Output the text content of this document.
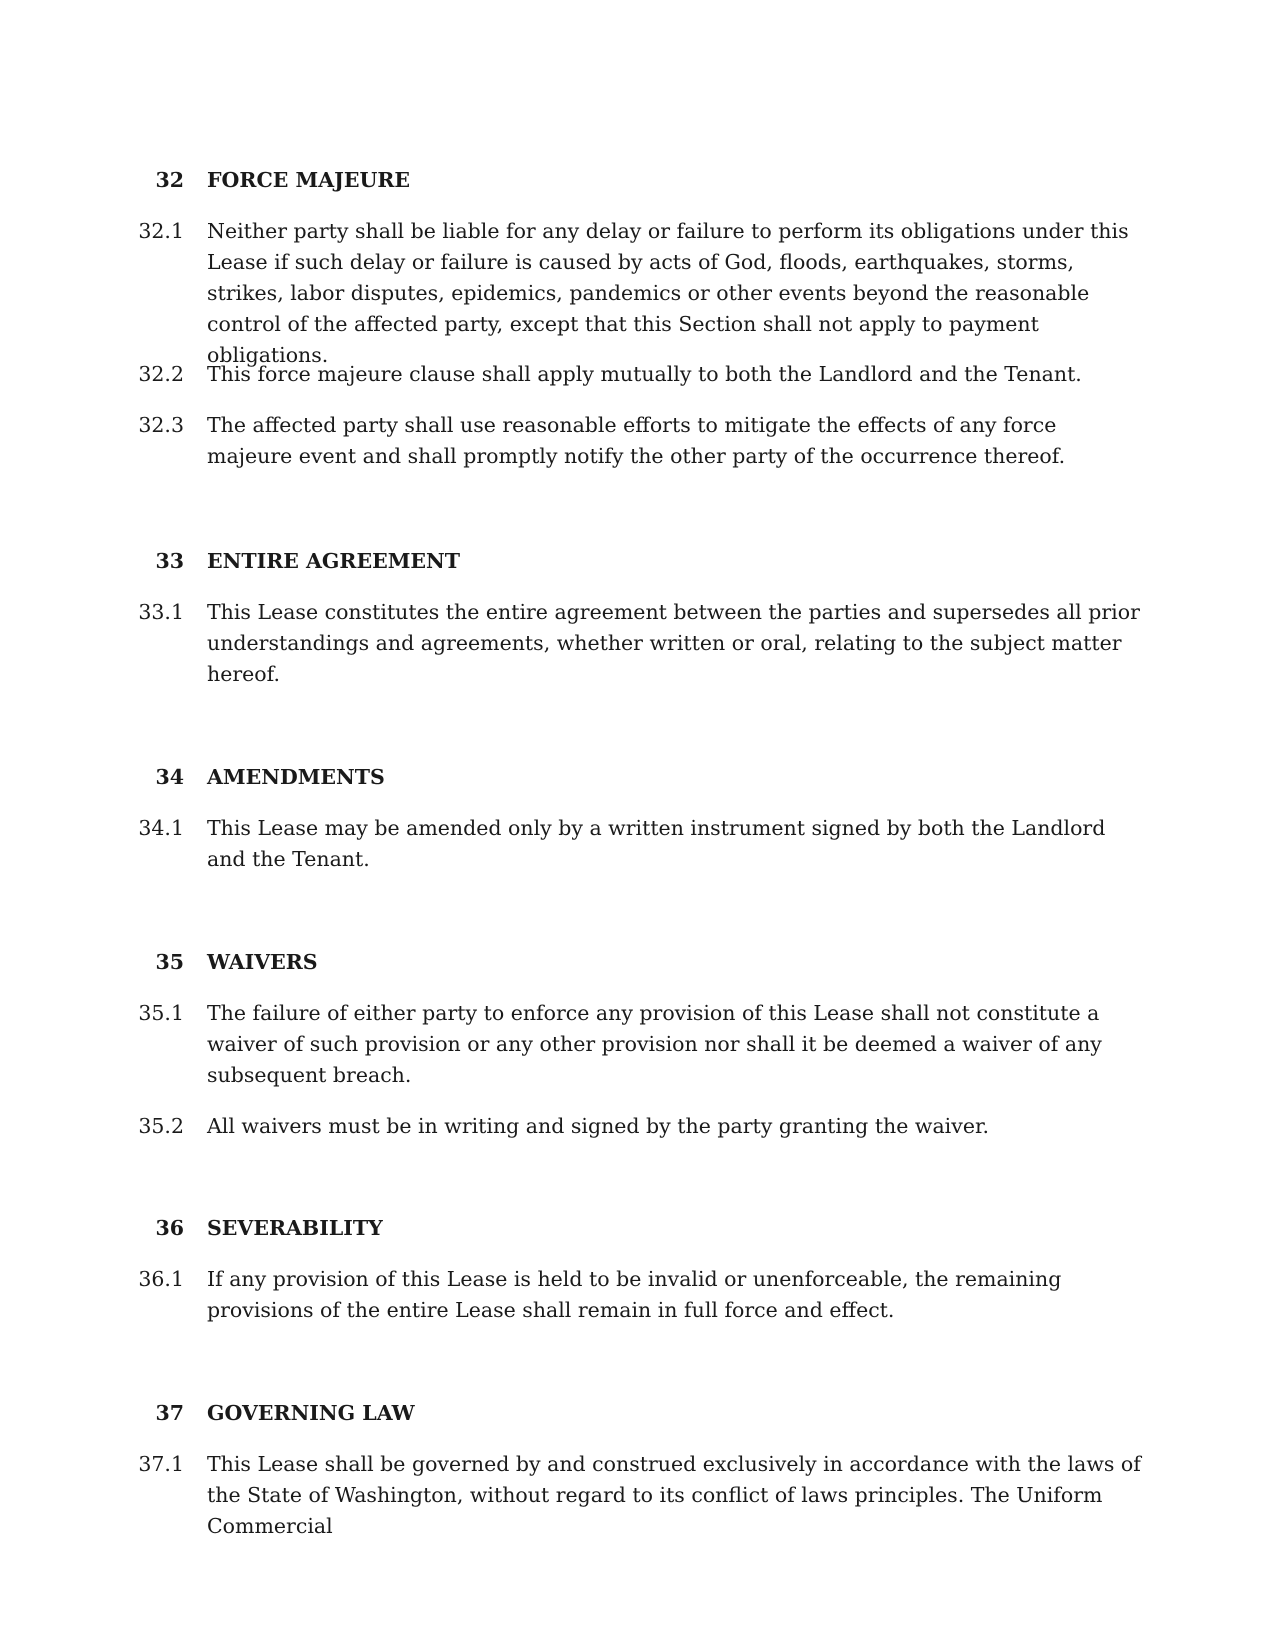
32 FORCE MAJEURE
32.1 Neither party shall be liable for any delay or failure to perform its obligations under this Lease if such delay or failure is caused by acts of God, floods, earthquakes, storms, strikes, labor disputes, epidemics, pandemics or other events beyond the reasonable control of the affected party, except that this Section shall not apply to payment obligations.
32.2 This force majeure clause shall apply mutually to both the Landlord and the Tenant.
32.3 The affected party shall use reasonable efforts to mitigate the effects of any force majeure event and shall promptly notify the other party of the occurrence thereof.
33 ENTIRE AGREEMENT
33.1 This Lease constitutes the entire agreement between the parties and supersedes all prior understandings and agreements, whether written or oral, relating to the subject matter hereof.
34 AMENDMENTS
34.1 This Lease may be amended only by a written instrument signed by both the Landlord and the Tenant.
35 WAIVERS
35.1 The failure of either party to enforce any provision of this Lease shall not constitute a waiver of such provision or any other provision nor shall it be deemed a waiver of any subsequent breach.
35.2 All waivers must be in writing and signed by the party granting the waiver.
36 SEVERABILITY
36.1 If any provision of this Lease is held to be invalid or unenforceable, the remaining provisions of the entire Lease shall remain in full force and effect.
37 GOVERNING LAW
37.1 This Lease shall be governed by and construed exclusively in accordance with the laws of the State of Washington, without regard to its conflict of laws principles. The Uniform Commercial
